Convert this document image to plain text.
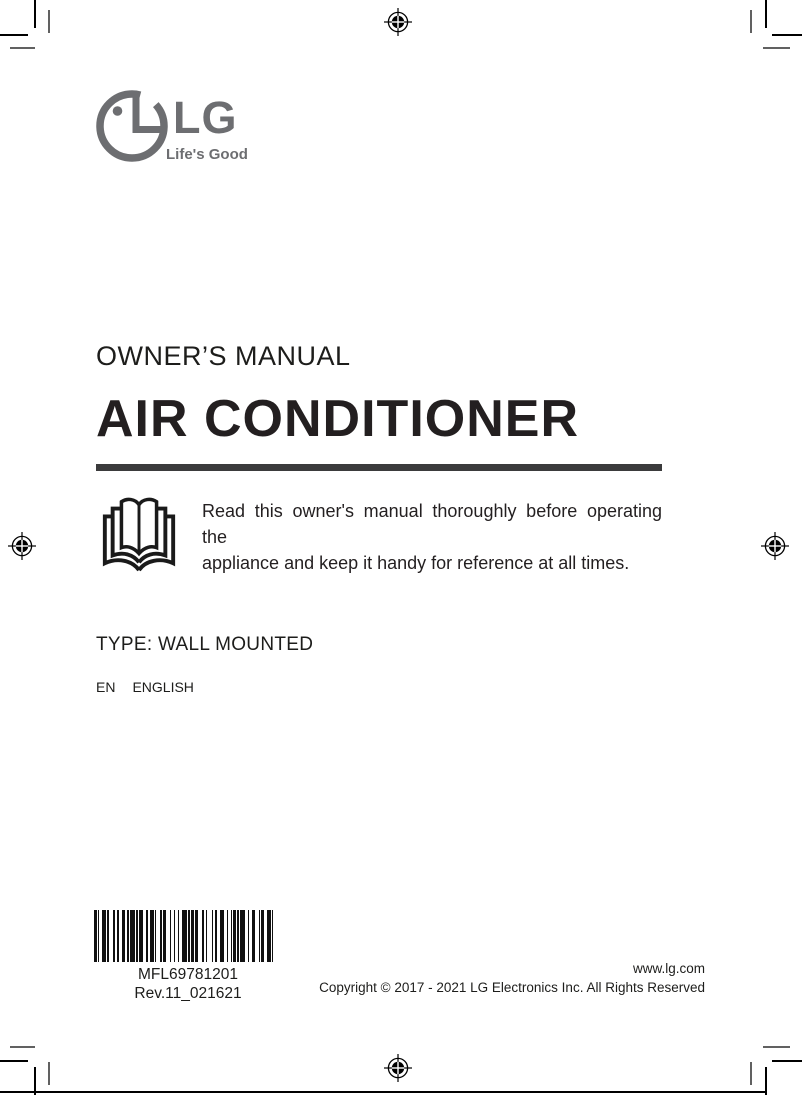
LG
Life's Good
OWNER’S MANUAL
AIR CONDITIONER
Read this owner's manual thoroughly before operating the
appliance and keep it handy for reference at all times.
TYPE: WALL MOUNTED
EN ENGLISH
MFL69781201
Rev.11_021621
www.lg.com
Copyright © 2017 - 2021 LG Electronics Inc. All Rights Reserved
